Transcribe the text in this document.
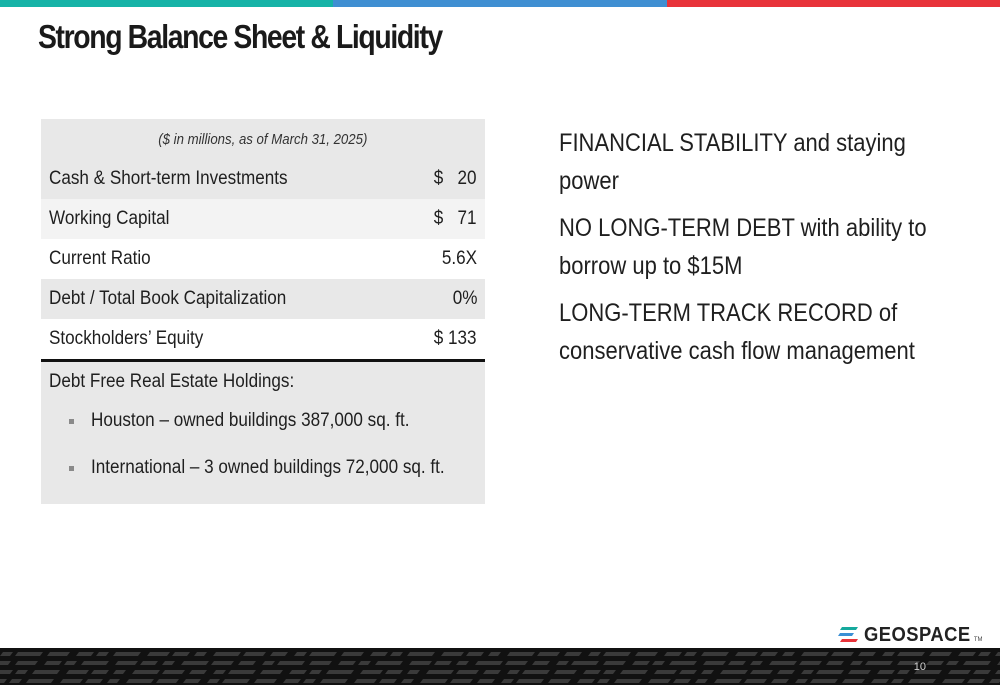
Strong Balance Sheet & Liquidity
($ in millions, as of March 31, 2025)
Cash & Short-term Investments	$   20
Working Capital	$   71
Current Ratio	5.6X
Debt / Total Book Capitalization	0%
Stockholders’ Equity	$ 133
Debt Free Real Estate Holdings:
Houston – owned buildings 387,000 sq. ft.
International – 3 owned buildings 72,000 sq. ft.
FINANCIAL STABILITY and staying power
NO LONG-TERM DEBT with ability to
borrow up to $15M
LONG-TERM TRACK RECORD of
conservative cash flow management
GEOSPACE TM
10
